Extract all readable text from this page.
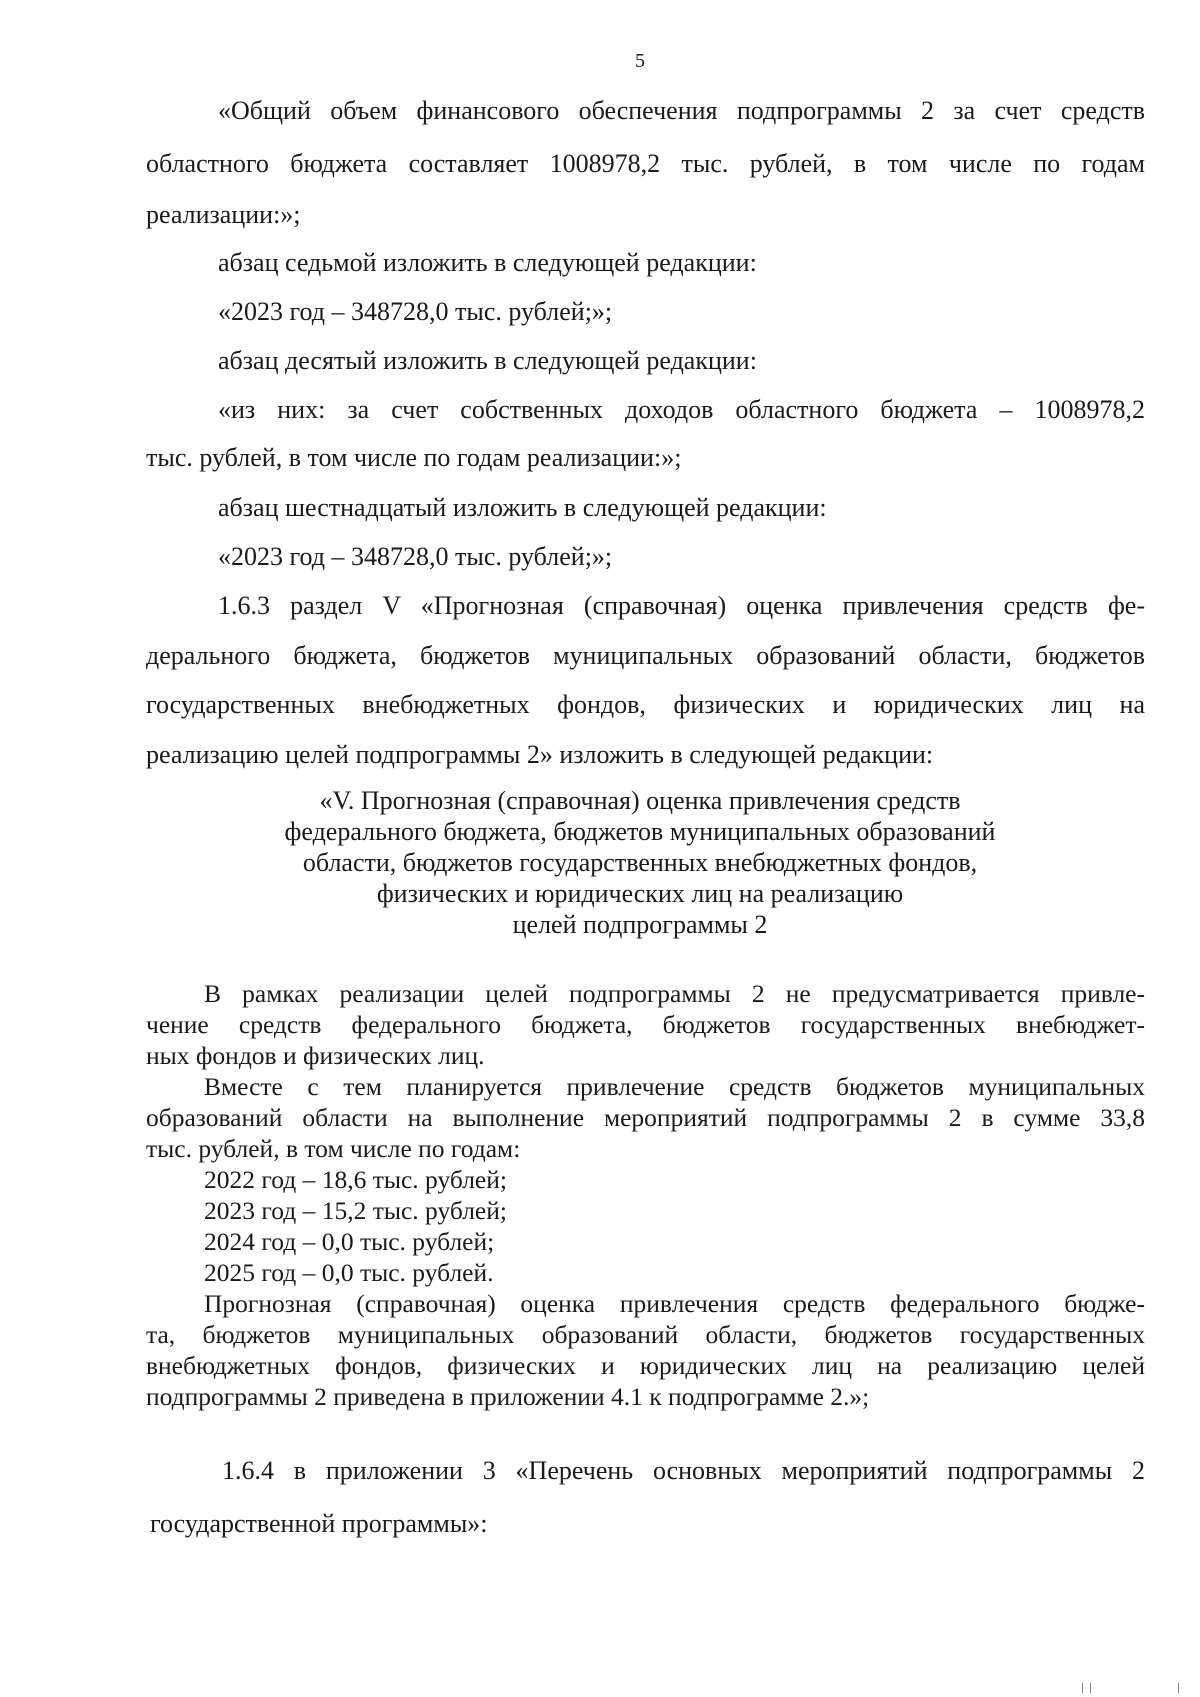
5
«Общий объем финансового обеспечения подпрограммы 2 за счет средств
областного бюджета составляет 1008978,2 тыс. рублей, в том числе по годам
реализации:»;
абзац седьмой изложить в следующей редакции:
«2023 год – 348728,0 тыс. рублей;»;
абзац десятый изложить в следующей редакции:
«из них: за счет собственных доходов областного бюджета – 1008978,2
тыс. рублей, в том числе по годам реализации:»;
абзац шестнадцатый изложить в следующей редакции:
«2023 год – 348728,0 тыс. рублей;»;
1.6.3 раздел V «Прогнозная (справочная) оценка привлечения средств фе-
дерального бюджета, бюджетов муниципальных образований области, бюджетов
государственных внебюджетных фондов, физических и юридических лиц на
реализацию целей подпрограммы 2» изложить в следующей редакции:
«V. Прогнозная (справочная) оценка привлечения средств
федерального бюджета, бюджетов муниципальных образований
области, бюджетов государственных внебюджетных фондов,
физических и юридических лиц на реализацию
целей подпрограммы 2
В рамках реализации целей подпрограммы 2 не предусматривается привле-
чение средств федерального бюджета, бюджетов государственных внебюджет-
ных фондов и физических лиц.
Вместе с тем планируется привлечение средств бюджетов муниципальных
образований области на выполнение мероприятий подпрограммы 2 в сумме 33,8
тыс. рублей, в том числе по годам:
2022 год – 18,6 тыс. рублей;
2023 год – 15,2 тыс. рублей;
2024 год – 0,0 тыс. рублей;
2025 год – 0,0 тыс. рублей.
Прогнозная (справочная) оценка привлечения средств федерального бюдже-
та, бюджетов муниципальных образований области, бюджетов государственных
внебюджетных фондов, физических и юридических лиц на реализацию целей
подпрограммы 2 приведена в приложении 4.1 к подпрограмме 2.»;
1.6.4 в приложении 3 «Перечень основных мероприятий подпрограммы 2
государственной программы»:
